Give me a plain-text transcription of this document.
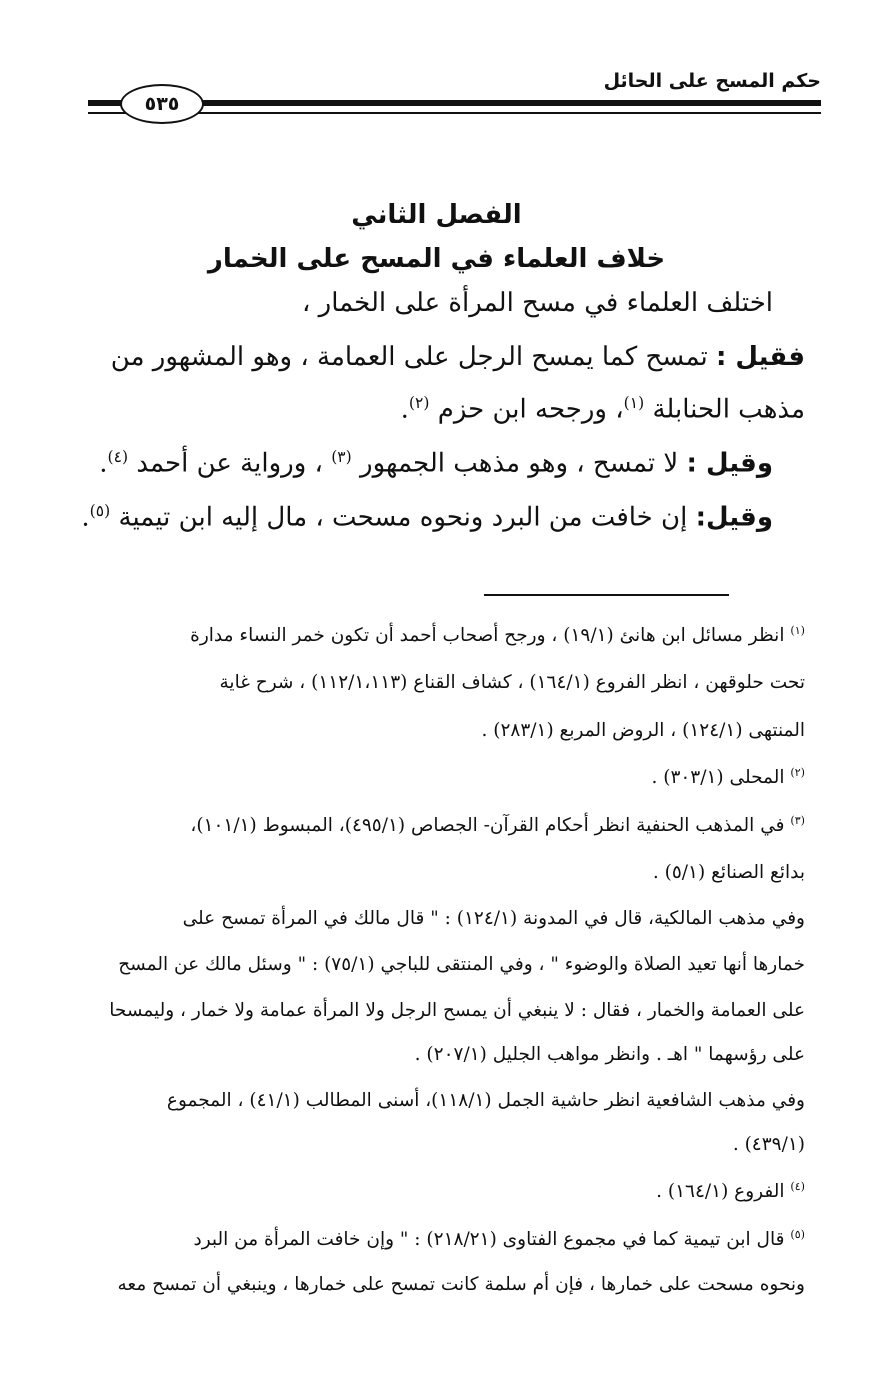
حكم المسح على الحائل
٥٣٥
الفصل الثاني
خلاف العلماء في المسح على الخمار
اختلف العلماء في مسح المرأة على الخمار ،
فقيل : تمسح كما يمسح الرجل على العمامة ، وهو المشهور من
مذهب الحنابلة $^{(١)}$، ورجحه ابن حزم $^{(٢)}$.
وقيل : لا تمسح ، وهو مذهب الجمهور $^{(٣)}$ ، ورواية عن أحمد $^{(٤)}$.
وقيل: إن خافت من البرد ونحوه مسحت ، مال إليه ابن تيمية $^{(٥)}$.
$^{(١)}$ انظر مسائل ابن هانئ (١٩/١) ، ورجح أصحاب أحمد أن تكون خمر النساء مدارة
تحت حلوقهن ، انظر الفروع (١٦٤/١) ، كشاف القناع (١١٢/١،١١٣) ، شرح غاية
المنتهى (١٢٤/١) ، الروض المربع (٢٨٣/١) .
$^{(٢)}$ المحلى (٣٠٣/١) .
$^{(٣)}$ في المذهب الحنفية انظر أحكام القرآن- الجصاص (٤٩٥/١)، المبسوط (١٠١/١)،
بدائع الصنائع (٥/١) .
وفي مذهب المالكية، قال في المدونة (١٢٤/١) : " قال مالك في المرأة تمسح على
خمارها أنها تعيد الصلاة والوضوء " ، وفي المنتقى للباجي (٧٥/١) : " وسئل مالك عن المسح
على العمامة والخمار ، فقال : لا ينبغي أن يمسح الرجل ولا المرأة عمامة ولا خمار ، وليمسحا
على رؤسهما " اهـ . وانظر مواهب الجليل (٢٠٧/١) .
وفي مذهب الشافعية انظر حاشية الجمل (١١٨/١)، أسنى المطالب (٤١/١) ، المجموع
(٤٣٩/١) .
$^{(٤)}$ الفروع (١٦٤/١) .
$^{(٥)}$ قال ابن تيمية كما في مجموع الفتاوى (٢١٨/٢١) : " وإن خافت المرأة من البرد
ونحوه مسحت على خمارها ، فإن أم سلمة كانت تمسح على خمارها ، وينبغي أن تمسح معه
